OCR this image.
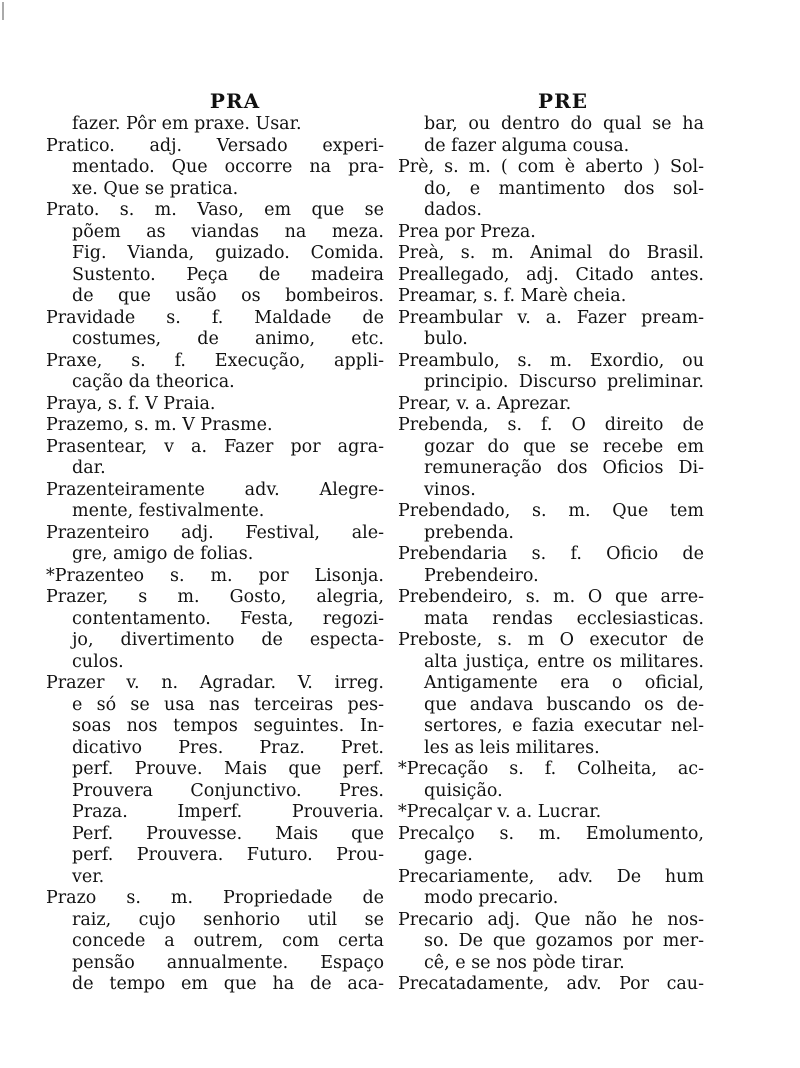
PRA
fazer. Pôr em praxe. Usar.
Pratico. adj. Versado experi-
mentado. Que occorre na pra-
xe. Que se pratica.
Prato. s. m. Vaso, em que se
põem as viandas na meza.
Fig. Vianda, guizado. Comida.
Sustento. Peça de madeira
de que usão os bombeiros.
Pravidade s. f. Maldade de
costumes, de animo, etc.
Praxe, s. f. Execução, appli-
cação da theorica.
Praya, s. f. V Praia.
Prazemo, s. m. V Prasme.
Prasentear, v a. Fazer por agra-
dar.
Prazenteiramente adv. Alegre-
mente, festivalmente.
Prazenteiro adj. Festival, ale-
gre, amigo de folias.
*Prazenteo s. m. por Lisonja.
Prazer, s m. Gosto, alegria,
contentamento. Festa, regozi-
jo, divertimento de especta-
culos.
Prazer v. n. Agradar. V. irreg.
e só se usa nas terceiras pes-
soas nos tempos seguintes. In-
dicativo Pres. Praz. Pret.
perf. Prouve. Mais que perf.
Prouvera Conjunctivo. Pres.
Praza. Imperf. Prouveria.
Perf. Prouvesse. Mais que
perf. Prouvera. Futuro. Prou-
ver.
Prazo s. m. Propriedade de
raiz, cujo senhorio util se
concede a outrem, com certa
pensão annualmente. Espaço
de tempo em que ha de aca-
PRE
bar, ou dentro do qual se ha
de fazer alguma cousa.
Prè, s. m. ( com è aberto ) Sol-
do, e mantimento dos sol-
dados.
Prea por Preza.
Preà, s. m. Animal do Brasil.
Preallegado, adj. Citado antes.
Preamar, s. f. Marè cheia.
Preambular v. a. Fazer pream-
bulo.
Preambulo, s. m. Exordio, ou
principio. Discurso preliminar.
Prear, v. a. Aprezar.
Prebenda, s. f. O direito de
gozar do que se recebe em
remuneração dos Oficios Di-
vinos.
Prebendado, s. m. Que tem
prebenda.
Prebendaria s. f. Oficio de
Prebendeiro.
Prebendeiro, s. m. O que arre-
mata rendas ecclesiasticas.
Preboste, s. m O executor de
alta justiça, entre os militares.
Antigamente era o oficial,
que andava buscando os de-
sertores, e fazia executar nel-
les as leis militares.
*Precação s. f. Colheita, ac-
quisição.
*Precalçar v. a. Lucrar.
Precalço s. m. Emolumento,
gage.
Precariamente, adv. De hum
modo precario.
Precario adj. Que não he nos-
so. De que gozamos por mer-
cê, e se nos pòde tirar.
Precatadamente, adv. Por cau-
